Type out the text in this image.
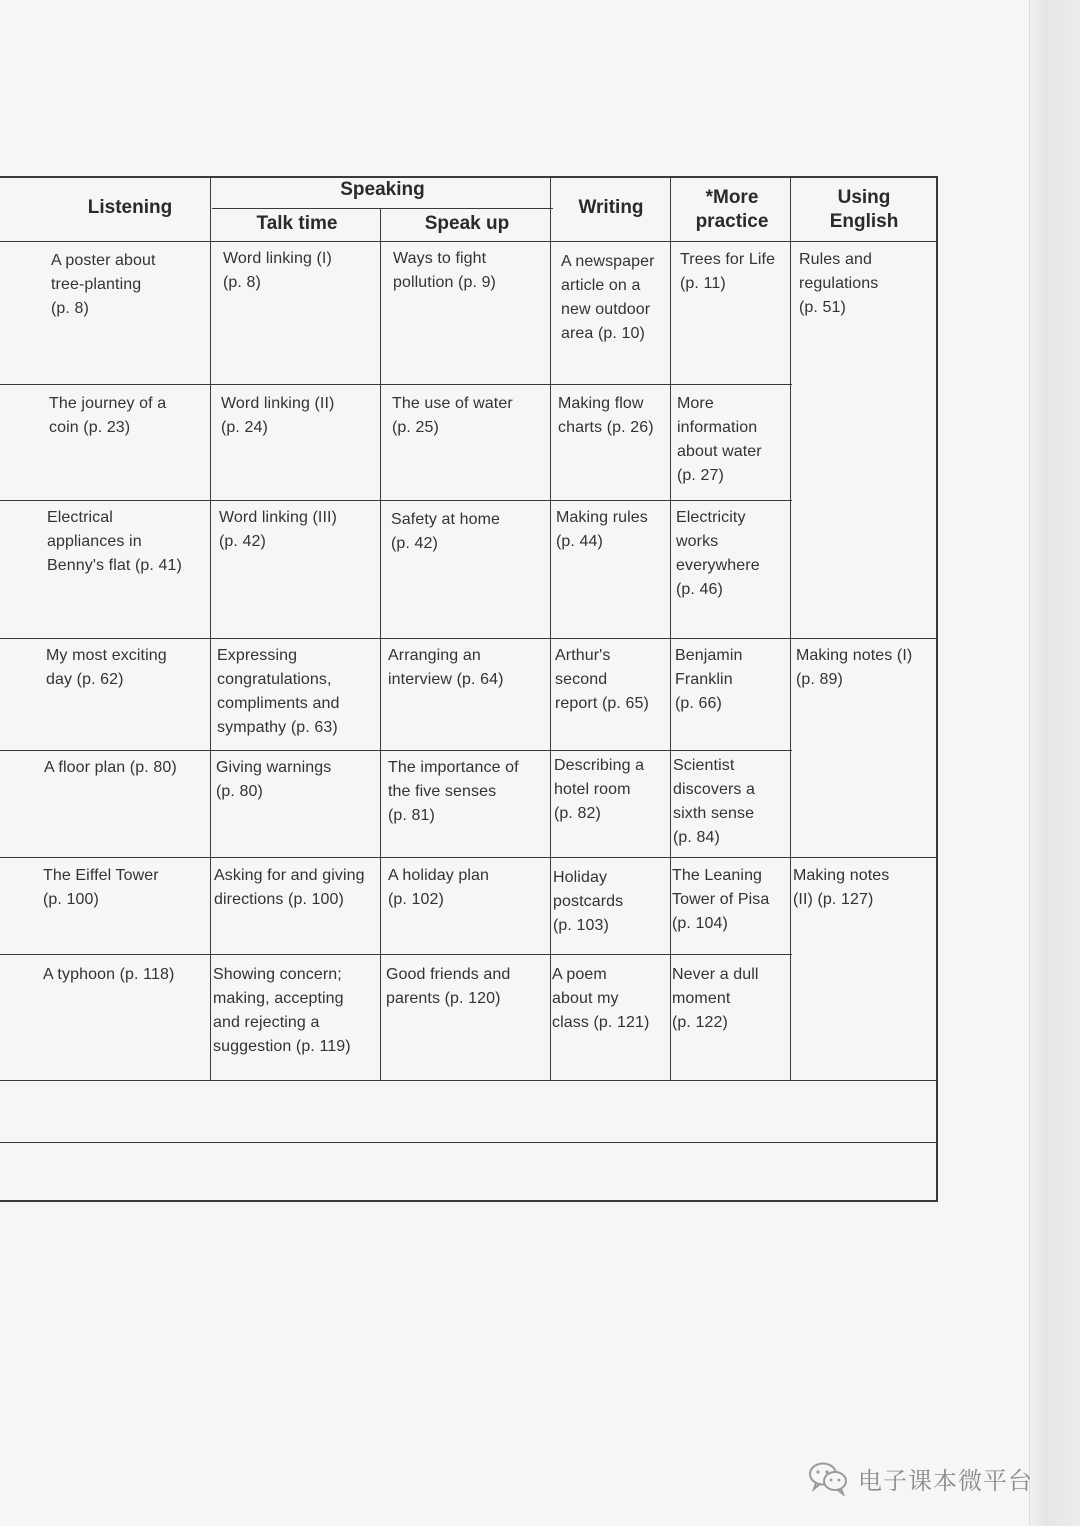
Listening
Speaking
Talk time	Speak up
Writing	*More
practice
Using
English
A poster about
tree-planting
(p. 8)
Word linking (I)
(p. 8)
Ways to fight
pollution (p. 9)
A newspaper
article on a
new outdoor
area (p. 10)
Trees for Life
(p. 11)
Rules and
regulations
(p. 51)
The journey of a
coin (p. 23)
Word linking (II)
(p. 24)
The use of water
(p. 25)
Making flow
charts (p. 26)
More
information
about water
(p. 27)
Electrical
appliances in
Benny's flat (p. 41)
Word linking (III)
(p. 42)
Safety at home
(p. 42)
Making rules
(p. 44)
Electricity
works
everywhere
(p. 46)
My most exciting
day (p. 62)
Expressing
congratulations,
compliments and
sympathy (p. 63)
Arranging an
interview (p. 64)
Arthur's
second
report (p. 65)
Benjamin
Franklin
(p. 66)
Making notes (I)
(p. 89)
A floor plan (p. 80) Giving warnings
(p. 80)
The importance of
the five senses
(p. 81)
Describing a
hotel room
(p. 82)
Scientist
discovers a
sixth sense
(p. 84)
The Eiffel Tower
(p. 100)
Asking for and giving
directions (p. 100)
A holiday plan
(p. 102)
Holiday
postcards
(p. 103)
The Leaning
Tower of Pisa
(p. 104)
Making notes
(II) (p. 127)
A typhoon (p. 118) Showing concern;
making, accepting
and rejecting a
suggestion (p. 119)
Good friends and
parents (p. 120)
A poem
about my
class (p. 121)
Never a dull
moment
(p. 122)
电子课本微平台
